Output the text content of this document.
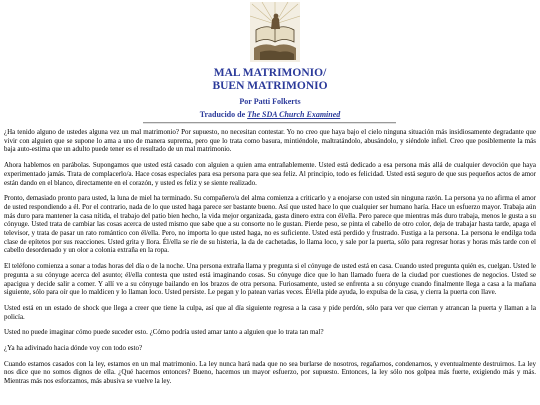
MAL MATRIMONIO/
BUEN MATRIMONIO
Por Patti Folkerts
Traducido de The SDA Church Examined

¿Ha tenido alguno de ustedes alguna vez un mal matrimonio? Por supuesto, no necesitan contestar. Yo no creo que haya bajo el cielo ninguna situación más insidiosamente degradante que vivir con alguien que se supone lo ama a uno de manera suprema, pero que lo trata como basura, mintiéndole, maltratándolo, abusándolo, y siéndole infiel. Creo que posiblemente la más baja auto-estima que un adulto puede tener es el resultado de un mal matrimonio.

Ahora hablemos en parábolas. Supongamos que usted está casado con alguien a quien ama entrañablemente. Usted está dedicado a esa persona más allá de cualquier devoción que haya experimentado jamás. Trata de complacerlo/a. Hace cosas especiales para esa persona para que sea feliz. Al principio, todo es felicidad. Usted está seguro de que sus pequeños actos de amor están dando en el blanco, directamente en el corazón, y usted es feliz y se siente realizado.

Pronto, demasiado pronto para usted, la luna de miel ha terminado. Su compañero/a del alma comienza a criticarlo y a enojarse con usted sin ninguna razón. La persona ya no afirma el amor de usted respondiendo a él. Por el contrario, nada de lo que usted haga parece ser bastante bueno. Así que usted hace lo que cualquier ser humano haría. Hace un esfuerzo mayor. Trabaja aún más duro para mantener la casa nítida, el trabajo del patio bien hecho, la vida mejor organizada, gasta dinero extra con él/ella. Pero parece que mientras más duro trabaja, menos le gusta a su cónyuge. Usted trata de cambiar las cosas acerca de usted mismo que sabe que a su consorte no le gustan. Pierde peso, se pinta el cabello de otro color, deja de trabajar hasta tarde, apaga el televisor, y trata de pasar un rato romántico con él/ella. Pero, no importa lo que usted haga, no es suficiente. Usted está perdido y frustrado. Fustiga a la persona. La persona le endilga toda clase de epítetos por sus reacciones. Usted grita y llora. Él/ella se ríe de su histeria, la da de cachetadas, lo llama loco, y sale por la puerta, sólo para regresar horas y horas más tarde con el cabello desordenado y un olor a colonia extraña en la ropa.

El teléfono comienza a sonar a todas horas del día o de la noche. Una persona extraña llama y pregunta si el cónyuge de usted está en casa. Cuando usted pregunta quién es, cuelgan. Usted le pregunta a su cónyuge acerca del asunto; él/ella contesta que usted está imaginando cosas. Su cónyuge dice que lo han llamado fuera de la ciudad por cuestiones de negocios. Usted se apacigua y decide salir a comer. Y allí ve a su cónyuge bailando en los brazos de otra persona. Furiosamente, usted se enfrenta a su cónyuge cuando finalmente llega a casa a la mañana siguiente, sólo para oír que lo maldicen y lo llaman loco. Usted persiste. Le pegan y lo patean varias veces. Él/ella pide ayuda, lo expulsa de la casa, y cierra la puerta con llave.

Usted está en un estado de shock que llega a creer que tiene la culpa, así que al día siguiente regresa a la casa y pide perdón, sólo para ver que cierran y atrancan la puerta y llaman a la policía.

Usted no puede imaginar cómo puede suceder esto. ¿Cómo podría usted amar tanto a alguien que lo trata tan mal?

¿Ya ha adivinado hacia dónde voy con todo esto?

Cuando estamos casados con la ley, estamos en un mal matrimonio. La ley nunca hará nada que no sea burlarse de nosotros, regañarnos, condenarnos, y eventualmente destruirnos. La ley nos dice que no somos dignos de ella. ¿Qué hacemos entonces? Bueno, hacemos un mayor esfuerzo, por supuesto. Entonces, la ley sólo nos golpea más fuerte, exigiendo más y más. Mientras más nos esforzamos, más abusiva se vuelve la ley.
